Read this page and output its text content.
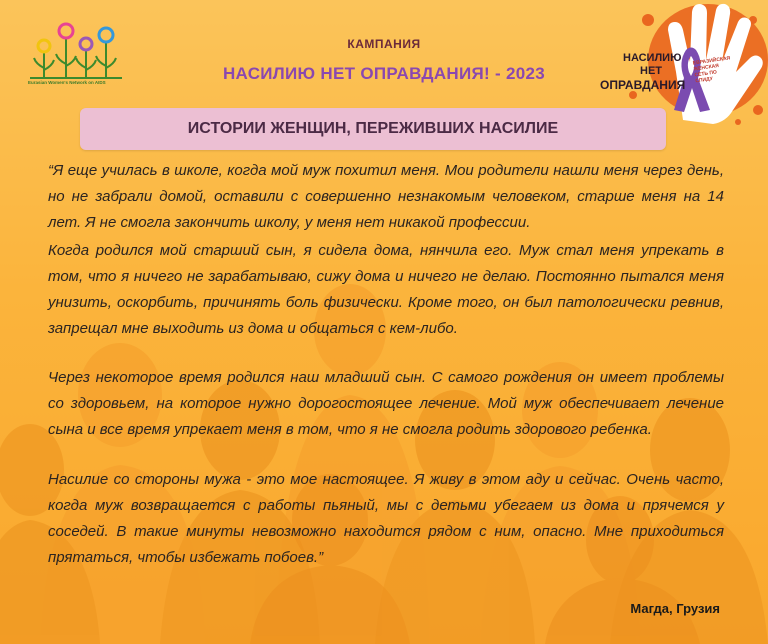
Eurasian Women's Network on AIDS
КАМПАНИЯ
НАСИЛИЮ НЕТ ОПРАВДАНИЯ! - 2023
НАСИЛИЮ
НЕТ
ОПРАВДАНИЯ
ЕВРАЗИЙСКАЯ ЖЕНСКАЯ СЕТЬ ПО СПИДУ
ИСТОРИИ ЖЕНЩИН, ПЕРЕЖИВШИХ НАСИЛИЕ

“Я еще училась в школе, когда мой муж похитил меня. Мои родители нашли меня через день, но не забрали домой, оставили с совершенно незнакомым человеком, старше меня на 14 лет. Я не смогла закончить школу, у меня нет никакой профессии.

Когда родился мой старший сын, я сидела дома, нянчила его. Муж стал меня упрекать в том, что я ничего не зарабатываю, сижу дома и ничего не делаю. Постоянно пытался меня унизить, оскорбить, причинять боль физически. Кроме того, он был патологически ревнив, запрещал мне выходить из дома и общаться с кем-либо.

Через некоторое время родился наш младший сын. С самого рождения он имеет проблемы со здоровьем, на которое нужно дорогостоящее лечение. Мой муж обеспечивает лечение сына и все время упрекает меня в том, что я не смогла родить здорового ребенка.

Насилие со стороны мужа - это мое настоящее. Я живу в этом аду и сейчас. Очень часто, когда муж возвращается с работы пьяный, мы с детьми убегаем из дома и прячемся у соседей. В такие минуты невозможно находится рядом с ним, опасно. Мне приходиться прятаться, чтобы избежать побоев.”

Магда, Грузия
